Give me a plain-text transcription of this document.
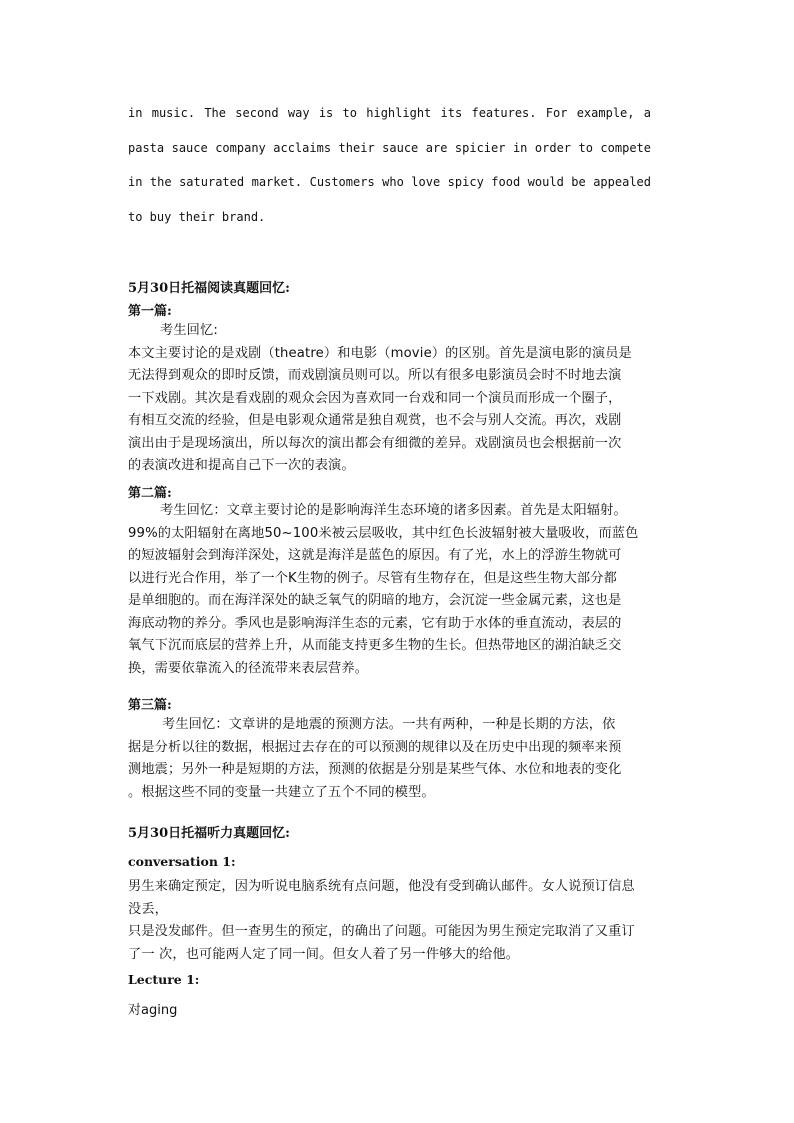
in music. The second way is to highlight its features. For example, a
pasta sauce company acclaims their sauce are spicier in order to compete
in the saturated market. Customers who love spicy food would be appealed
to buy their brand.
5月30日托福阅读真题回忆:
第一篇:
考生回忆:
本文主要讨论的是戏剧（theatre）和电影（movie）的区别。首先是演电影的演员是
无法得到观众的即时反馈，而戏剧演员则可以。所以有很多电影演员会时不时地去演
一下戏剧。其次是看戏剧的观众会因为喜欢同一台戏和同一个演员而形成一个圈子，
有相互交流的经验，但是电影观众通常是独自观赏，也不会与别人交流。再次，戏剧
演出由于是现场演出，所以每次的演出都会有细微的差异。戏剧演员也会根据前一次
的表演改进和提高自己下一次的表演。
第二篇:
考生回忆：文章主要讨论的是影响海洋生态环境的诸多因素。首先是太阳辐射。
99%的太阳辐射在离地50~100米被云层吸收，其中红色长波辐射被大量吸收，而蓝色
的短波辐射会到海洋深处，这就是海洋是蓝色的原因。有了光，水上的浮游生物就可
以进行光合作用，举了一个K生物的例子。尽管有生物存在，但是这些生物大部分都
是单细胞的。而在海洋深处的缺乏氧气的阴暗的地方，会沉淀一些金属元素，这也是
海底动物的养分。季风也是影响海洋生态的元素，它有助于水体的垂直流动，表层的
氧气下沉而底层的营养上升，从而能支持更多生物的生长。但热带地区的湖泊缺乏交
换，需要依靠流入的径流带来表层营养。
第三篇:
考生回忆：文章讲的是地震的预测方法。一共有两种，一种是长期的方法，依
据是分析以往的数据，根据过去存在的可以预测的规律以及在历史中出现的频率来预
测地震；另外一种是短期的方法，预测的依据是分别是某些气体、水位和地表的变化
。根据这些不同的变量一共建立了五个不同的模型。
5月30日托福听力真题回忆:
conversation 1:
男生来确定预定，因为听说电脑系统有点问题，他没有受到确认邮件。女人说预订信息
没丢，
只是没发邮件。但一查男生的预定，的确出了问题。可能因为男生预定完取消了又重订
了一 次，也可能两人定了同一间。但女人着了另一件够大的给他。
Lecture 1:
对aging
